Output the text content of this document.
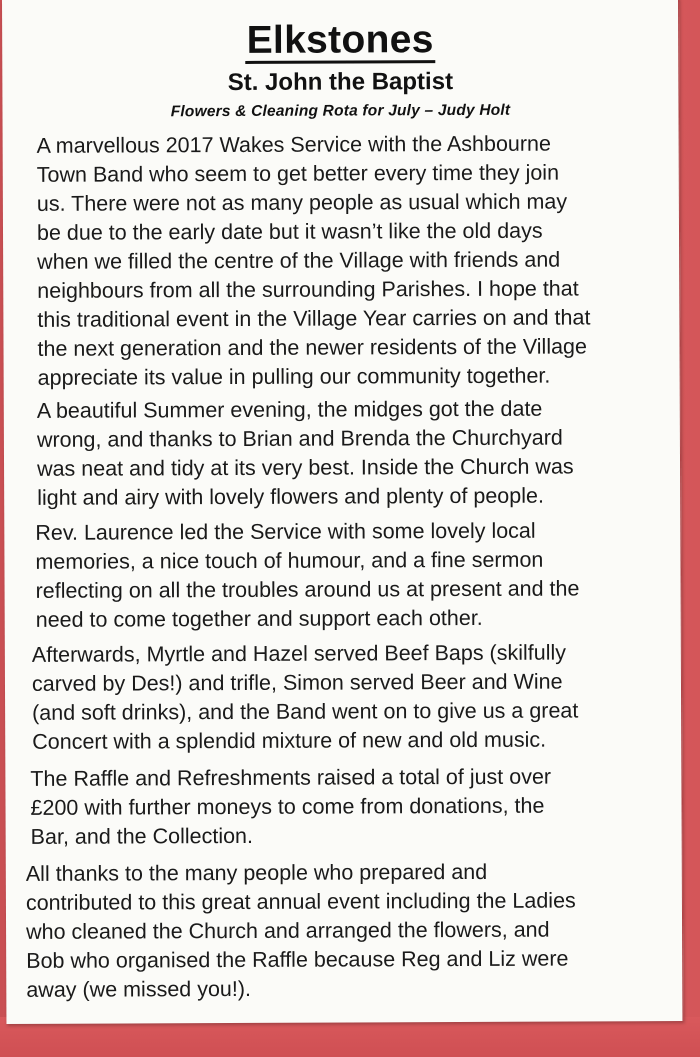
Elkstones
St. John the Baptist
Flowers & Cleaning Rota for July – Judy Holt

A marvellous 2017 Wakes Service with the Ashbourne
Town Band who seem to get better every time they join
us. There were not as many people as usual which may
be due to the early date but it wasn’t like the old days
when we filled the centre of the Village with friends and
neighbours from all the surrounding Parishes. I hope that
this traditional event in the Village Year carries on and that
the next generation and the newer residents of the Village
appreciate its value in pulling our community together.

A beautiful Summer evening, the midges got the date
wrong, and thanks to Brian and Brenda the Churchyard
was neat and tidy at its very best. Inside the Church was
light and airy with lovely flowers and plenty of people.

Rev. Laurence led the Service with some lovely local
memories, a nice touch of humour, and a fine sermon
reflecting on all the troubles around us at present and the
need to come together and support each other.

Afterwards, Myrtle and Hazel served Beef Baps (skilfully
carved by Des!) and trifle, Simon served Beer and Wine
(and soft drinks), and the Band went on to give us a great
Concert with a splendid mixture of new and old music.

The Raffle and Refreshments raised a total of just over
£200 with further moneys to come from donations, the
Bar, and the Collection.

All thanks to the many people who prepared and
contributed to this great annual event including the Ladies
who cleaned the Church and arranged the flowers, and
Bob who organised the Raffle because Reg and Liz were
away (we missed you!).
